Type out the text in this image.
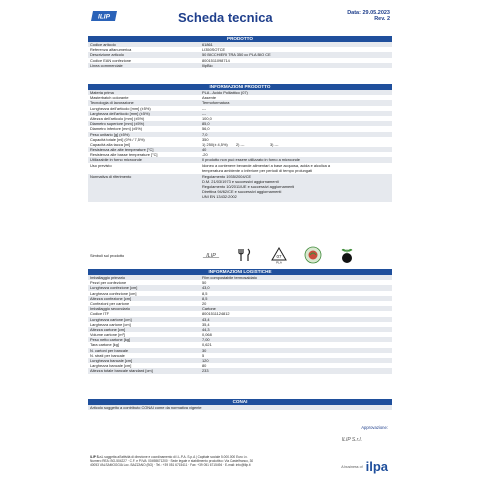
ILIP	Scheda tecnica	Data: 29.05.2023
Rev. 2
PRODOTTO
Codice articolo	61861
Referenza alfanumerica	LI350SOTCE
Descrizione articolo	50 BICCHIERI TRA 350 cc PLA BIO CE
Codice EAN confezione	8001511098714
Linea commerciale	IlipBio
INFORMAZIONI PRODOTTO
Materia prima	PLA - Acido Polilattico (07)
Masterbatch colorante	Assente
Tecnologia di lavorazione	Termoformatura
Lunghezza dell'articolo [mm] (±5%)	---
Larghezza dell'articolo [mm] (±5%)	---
Altezza dell'articolo [mm] (±5%)	100,0
Diametro superiore [mm] (±5%)	85,0
Diametro inferiore [mm] (±5%)	56,0
Peso unitario [g] (±5%)	7,0
Capacità totale [ml] (0% / 7,5%)	350
Capacità alla tacca [ml]	1) 250(± 4,5%)	2) ---	3) ---
Resistenza alle alte temperature [°C]	40
Resistenza alle basse temperature [°C]	-20
Utilizzabile in forno microonde	Il prodotto non può essere utilizzato in forno a microonde
Uso previsto	Idoneo a contenere bevande alimentari a base acquosa, acida e alcolica a
temperatura ambiente o inferiore per periodi di tempo prolungati
Normativa di riferimento	Regolamento 1935/2004/CE
D.M. 21/03/1973 e successivi aggiornamenti
Regolamento 10/2011/UE e successivi aggiornamenti
Direttiva 94/62/CE e successivi aggiornamenti
UNI EN 13432:2002
Simboli sul prodotto	ILIP	07
PLA
INFORMAZIONI LOGISTICHE
Imballaggio primario	Film compostabile termosaldato
Pezzi per confezione	50
Lunghezza confezione [cm]	43,0
Larghezza confezione [cm]	8,5
Altezza confezione [cm]	8,5
Confezioni per cartone	20
Imballaggio secondario	Cartone
Codice ITF	8001511124812
Lunghezza cartone [cm]	43,4
Larghezza cartone [cm]	35,4
Altezza cartone [cm]	44,3
Volume cartone [m³]	0,068
Peso netto cartone [kg]	7,00
Tara cartone [kg]	0,621
N. cartoni per bancale	30
N. strati per bancale	5
Lunghezza bancale [cm]	120
Larghezza bancale [cm]	80
Altezza totale bancale standard [cm]	233
CONAI
Articolo soggetto a contributo CONAI come da normativa vigente
Approvazione:
ILIP S.r.l.
ILIP S.r.l. soggetta all'attività di direzione e coordinamento di I.L.P.A. S.p.A | Capitale sociale 5.000.000 Euro i.v.
Numero REA: BO-504227 · C.F. e P.IVA: 00498671200 · Sede legale e stabilimento produttivo: Via Castelfranco, 30
40053 VALSAMOGGIA Loc. BAZZANO (BO) · Tel.: +39 051 6715411 · Fax: +39 051 6715494 · E-mail: info@ilip.it	A business of ilpa
